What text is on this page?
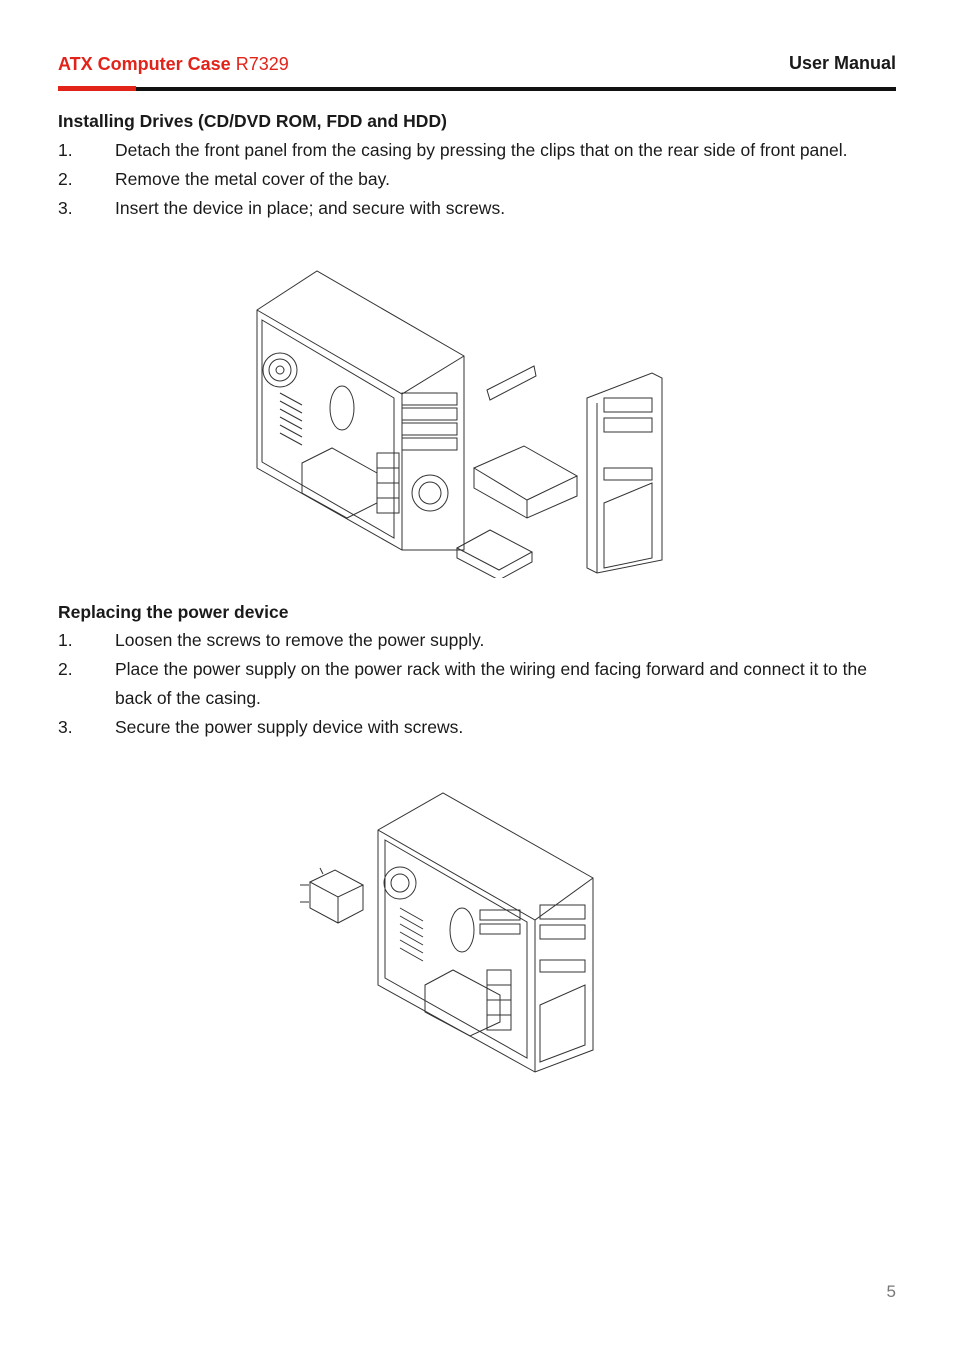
ATX Computer Case R7329	User Manual
Installing Drives (CD/DVD ROM, FDD and HDD)
1. Detach the front panel from the casing by pressing the clips that on the rear side of front panel.
2. Remove the metal cover of the bay.
3. Insert the device in place; and secure with screws.
Replacing the power device
1. Loosen the screws to remove the power supply.
2. Place the power supply on the power rack with the wiring end facing forward and connect it to the back of the casing.
3. Secure the power supply device with screws.
5
